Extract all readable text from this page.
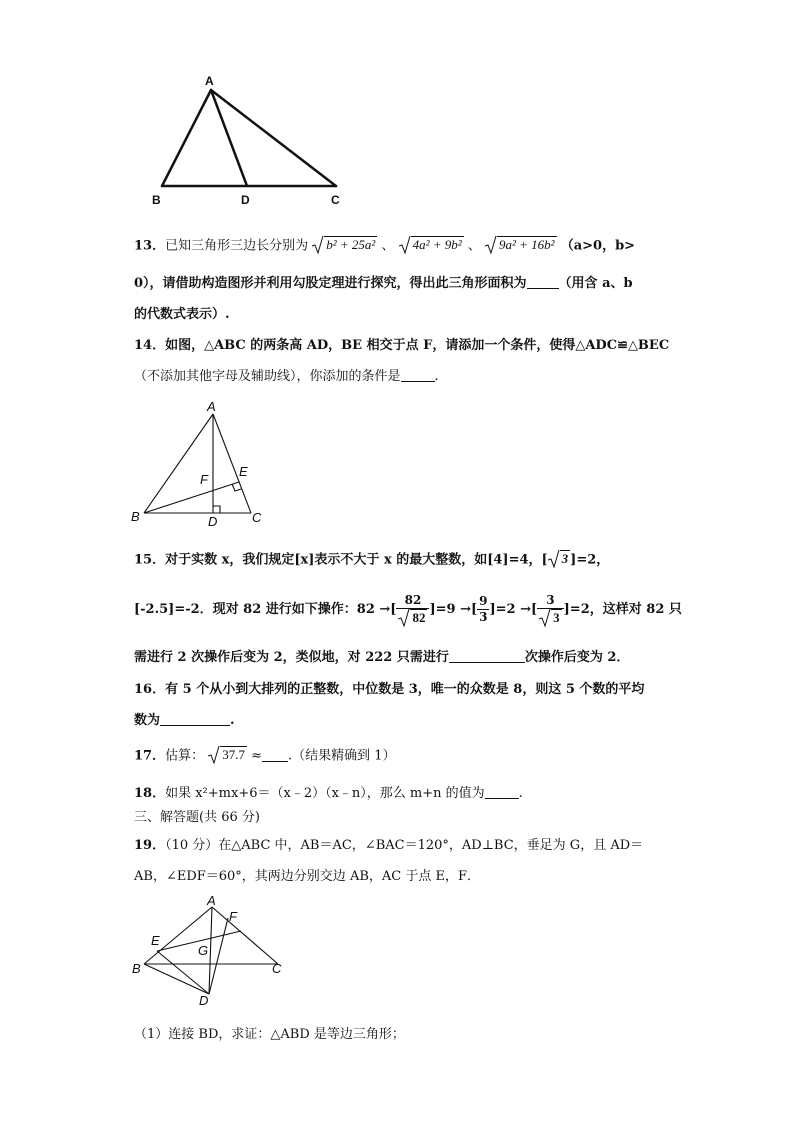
A
B	D	C
13．已知三角形三边长分别为 b² + 25a² 、 4a² + 9b² 、 9a² + 16b² （a>0，b>
0），请借助构造图形并利用勾股定理进行探究，得出此三角形面积为 （用含 a、b
的代数式表示）.
14．如图，△ABC 的两条高 AD，BE 相交于点 F，请添加一个条件，使得△ADC≌△BEC
（不添加其他字母及辅助线），你添加的条件是	.
A
E
F
B	D	C
15．对于实数 x，我们规定[x]表示不大于 x 的最大整数，如[4]=4，[ 3 ]=2，
[-2.5]=-2．现对 82 进行如下操作：82 →[ $\frac{82}{82} ]=9$ →[ $\frac{9}{3} ]=2$ →[ $\frac{3}{3} ]=2$，这样对 82 只
需进行 2 次操作后变为 2，类似地，对 222 只需进行	次操作后变为 2．
16．有 5 个从小到大排列的正整数，中位数是 3，唯一的众数是 8，则这 5 个数的平均
数为	.
17．估算： 37.7 ≈ .（结果精确到 1）
18．如果 x²+mx+6＝（x﹣2）（x﹣n），那么 m+n 的值为	.
三、解答题(共 66 分)
19．（10 分）在△ABC 中，AB＝AC，∠BAC＝120°，AD⊥BC，垂足为 G，且 AD＝
AB，∠EDF＝60°，其两边分别交边 AB，AC 于点 E，F．
A
F
E
G
B	C
D
（1）连接 BD，求证：△ABD 是等边三角形；
